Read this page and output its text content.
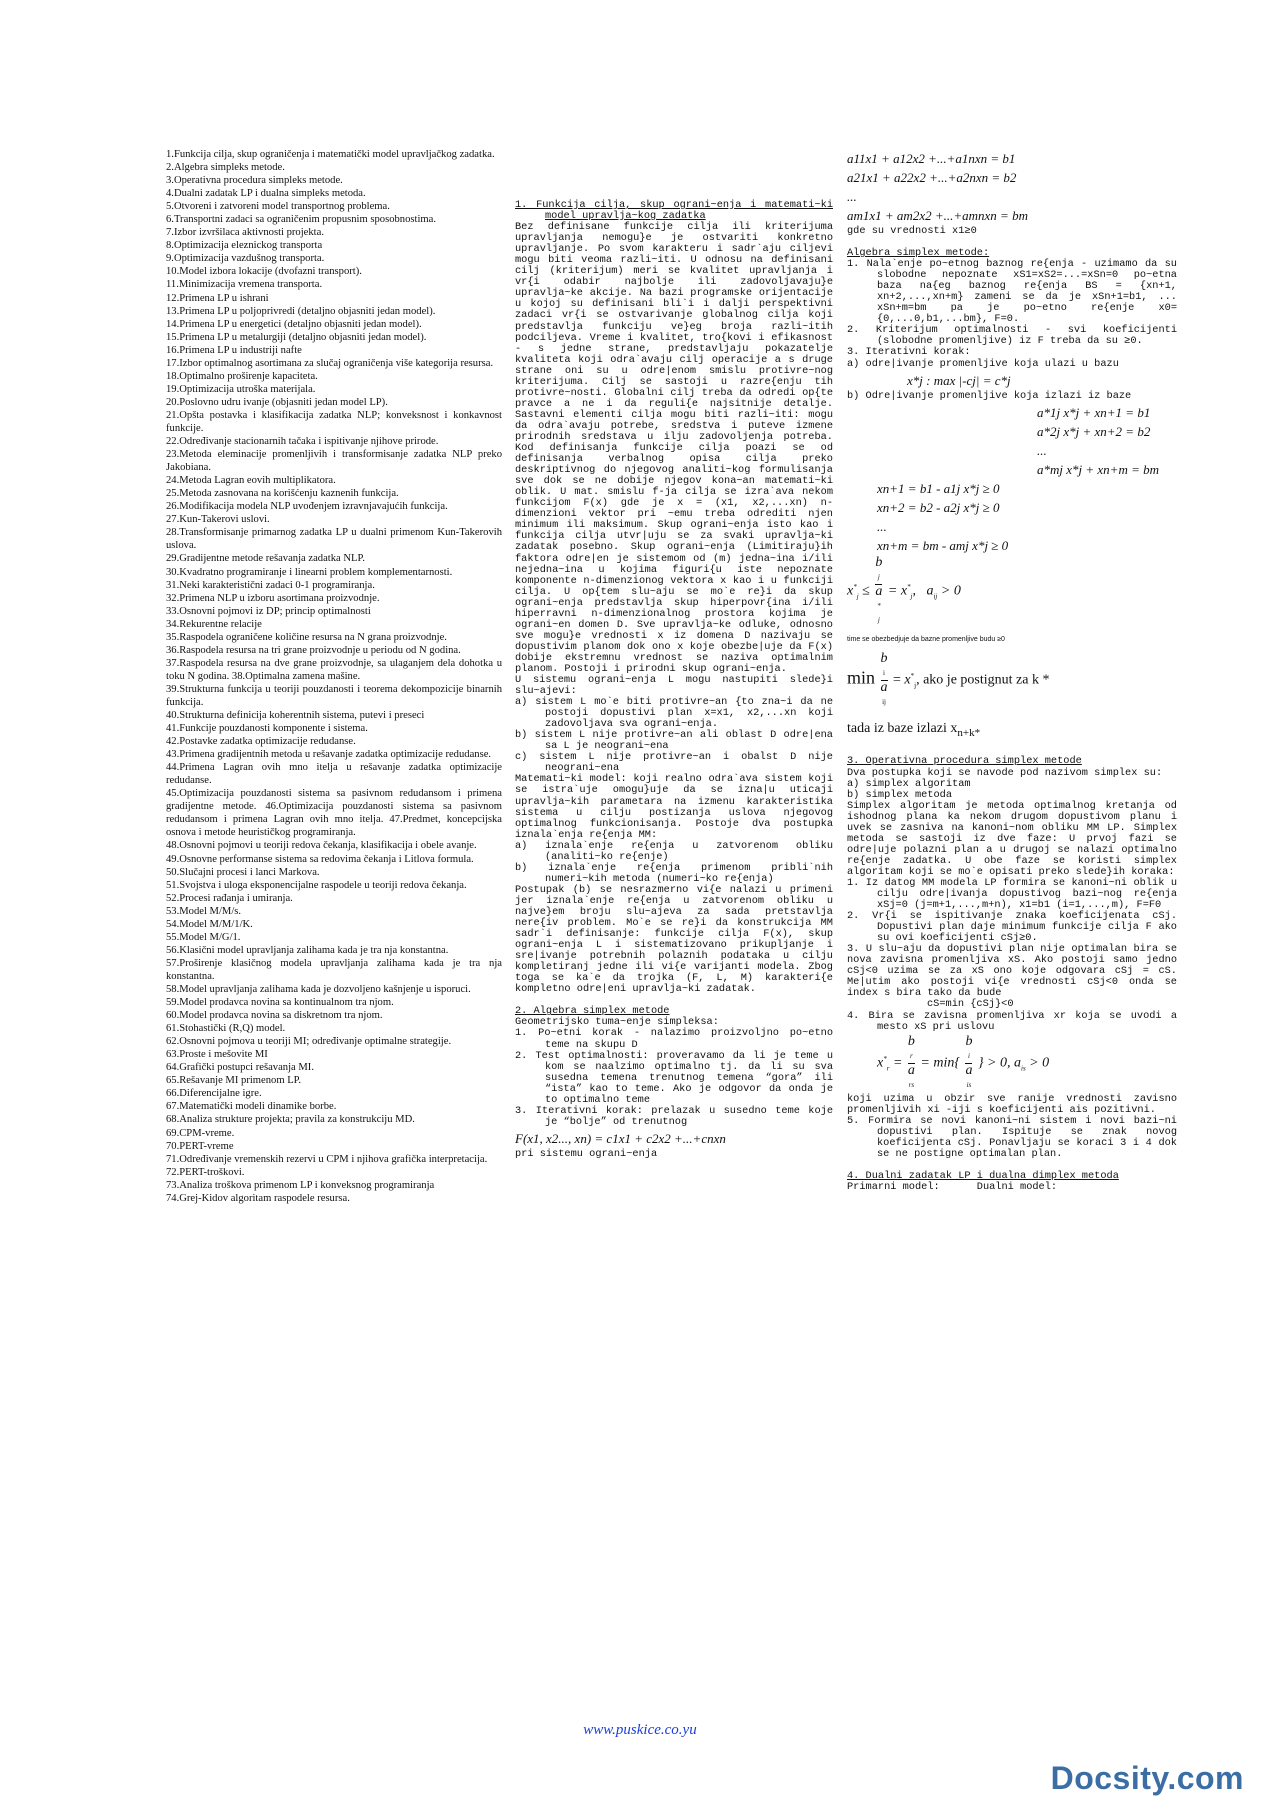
1.Funkcija cilja, skup ograničenja i matematički model upravljačkog zadatka.

2.Algebra simpleks metode.

3.Operativna procedura simpleks metode.

4.Dualni zadatak LP i dualna simpleks metoda.

5.Otvoreni i zatvoreni model transportnog problema.

6.Transportni zadaci sa ograničenim propusnim sposobnostima.

7.Izbor izvršilaca aktivnosti projekta.

8.Optimizacija eleznickog transporta

9.Optimizacija vazdušnog transporta.

10.Model izbora lokacije (dvofazni transport).

11.Minimizacija vremena transporta.

12.Primena LP u ishrani

13.Primena LP u poljoprivredi (detaljno objasniti jedan model).

14.Primena LP u energetici (detaljno objasniti jedan model).

15.Primena LP u metalurgiji (detaljno objasniti jedan model).

16.Primena LP u industriji nafte

17.Izbor optimalnog asortimana za slučaj ograničenja više kategorija resursa.

18.Optimalno proširenje kapaciteta.

19.Optimizacija utroška materijala.

20.Poslovno udru ivanje (objasniti jedan model LP).

21.Opšta postavka i klasifikacija zadatka NLP; konveksnost i konkavnost funkcije.

22.Određivanje stacionarnih tačaka i ispitivanje njihove prirode.

23.Metoda eleminacije promenljivih i transformisanje zadatka NLP preko Jakobiana.

24.Metoda Lagran eovih multiplikatora.

25.Metoda zasnovana na korišćenju kaznenih funkcija.

26.Modifikacija modela NLP uvođenjem izravnjavajućih funkcija.

27.Kun-Takerovi uslovi.

28.Transformisanje primarnog zadatka LP u dualni primenom Kun-Takerovih uslova.

29.Gradijentne metode rešavanja zadatka NLP.

30.Kvadratno programiranje i linearni problem komplementarnosti.

31.Neki karakteristični zadaci 0-1 programiranja.

32.Primena NLP u izboru asortimana proizvodnje.

33.Osnovni pojmovi iz DP; princip optimalnosti

34.Rekurentne relacije

35.Raspodela ograničene količine resursa na N grana proizvodnje.

36.Raspodela resursa na tri grane proizvodnje u periodu od N godina.

37.Raspodela resursa na dve grane proizvodnje, sa ulaganjem dela dohotka u toku N godina. 38.Optimalna zamena mašine.

39.Strukturna funkcija u teoriji pouzdanosti i teorema dekompozicije binarnih funkcija.

40.Strukturna definicija koherentnih sistema, putevi i preseci

41.Funkcije pouzdanosti komponente i sistema.

42.Postavke zadatka optimizacije redudanse.

43.Primena gradijentnih metoda u rešavanje zadatka optimizacije redudanse.

44.Primena Lagran ovih mno itelja u rešavanje zadatka optimizacije redudanse.

45.Optimizacija pouzdanosti sistema sa pasivnom redudansom i primena gradijentne metode. 46.Optimizacija pouzdanosti sistema sa pasivnom redudansom i primena Lagran ovih mno itelja. 47.Predmet, koncepcijska osnova i metode heurističkog programiranja.

48.Osnovni pojmovi u teoriji redova čekanja, klasifikacija i obele avanje.

49.Osnovne performanse sistema sa redovima čekanja i Litlova formula.

50.Slučajni procesi i lanci Markova.

51.Svojstva i uloga eksponencijalne raspodele u teoriji redova čekanja.

52.Procesi rađanja i umiranja.

53.Model M/M/s.

54.Model M/M/1/K.

55.Model M/G/1.

56.Klasični model upravljanja zalihama kada je tra nja konstantna.

57.Proširenje klasičnog modela upravljanja zalihama kada je tra nja konstantna.

58.Model upravljanja zalihama kada je dozvoljeno kašnjenje u isporuci.

59.Model prodavca novina sa kontinualnom tra njom.

60.Model prodavca novina sa diskretnom tra njom.

61.Stohastički (R,Q) model.

62.Osnovni pojmova u teoriji MI; određivanje optimalne strategije.

63.Proste i mešovite MI

64.Grafički postupci rešavanja MI.

65.Rešavanje MI primenom LP.

66.Diferencijalne igre.

67.Matematički modeli dinamike borbe.

68.Analiza strukture projekta; pravila za konstrukciju MD.

69.CPM-vreme.

70.PERT-vreme

71.Određivanje vremenskih rezervi u CPM i njihova grafička interpretacija.

72.PERT-troškovi.

73.Analiza troškova primenom LP i konveksnog programiranja

74.Grej-Kidov algoritam raspodele resursa.

1. Funkcija cilja, skup ograni~enja i matemati~ki model upravlja~kog zadatka

Bez definisane funkcije cilja ili kriterijuma upravljanja nemogu}e je ostvariti konkretno upravljanje. Po svom karakteru i sadr`aju ciljevi mogu biti veoma razli~iti. U odnosu na definisani cilj (kriterijum) meri se kvalitet upravljanja i vr{i odabir najbolje ili zadovoljavaju}e upravlja~ke akcije. Na bazi programske orijentacije u kojoj su definisani bli`i i dalji perspektivni zadaci vr{i se ostvarivanje globalnog cilja koji predstavlja funkciju ve}eg broja razli~itih podciljeva. Vreme i kvalitet, tro{kovi i efikasnost - s jedne strane, predstavljaju pokazatelje kvaliteta koji odra`avaju cilj operacije a s druge strane oni su u odre|enom smislu protivre~nog kriterijuma. Cilj se sastoji u razre{enju tih protivre~nosti. Globalni cilj treba da odredi op{te pravce a ne i da reguli{e najsitnije detalje. Sastavni elementi cilja mogu biti razli~iti: mogu da odra`avaju potrebe, sredstva i puteve izmene prirodnih sredstava u ilju zadovoljenja potreba. Kod definisanja funkcije cilja poazi se od definisanja verbalnog opisa cilja preko deskriptivnog do njegovog analiti~kog formulisanja sve dok se ne dobije njegov kona~an matemati~ki oblik. U mat. smislu f-ja cilja se izra`ava nekom funkcijom F(x) gde je x = (x1, x2,...xn) n- dimenzioni vektor pri ~emu treba odrediti njen minimum ili maksimum. Skup ograni~enja isto kao i funkcija cilja utvr|uju se za svaki upravlja~ki zadatak posebno. Skup ograni~enja (Limitiraju}ih faktora odre|en je sistemom od (m) jedna~ina i/ili nejedna~ina u kojima figuri{u iste nepoznate komponente n-dimenzionog vektora x kao i u funkciji cilja. U op{tem slu~aju se mo`e re}i da skup ograni~enja predstavlja skup hiperpovr{ina i/ili hiperravni n-dimenzionalnog prostora kojima je ograni~en domen D. Sve upravlja~ke odluke, odnosno sve mogu}e vrednosti x iz domena D nazivaju se dopustivim planom dok ono x koje obezbe|uje da F(x) dobije ekstremnu vrednost se naziva optimalnim planom. Postoji i prirodni skup ograni~enja.

U sistemu ograni~enja L mogu nastupiti slede}i slu~ajevi:

a) sistem L mo`e biti protivre~an {to zna~i da ne postoji dopustivi plan x=x1, x2,...xn koji zadovoljava sva ograni~enja.

b) sistem L nije protivre~an ali oblast D odre|ena sa L je neograni~ena

c) sistem L nije protivre~an i obalst D nije neograni~ena

Matemati~ki model: koji realno odra`ava sistem koji se istra`uje omogu}uje da se izna|u uticaji upravlja~kih parametara na izmenu karakteristika sistema u cilju postizanja uslova njegovog optimalnog funkcionisanja. Postoje dva postupka iznala`enja re{enja MM:

a) iznala`enje re{enja u zatvorenom obliku (analiti~ko re{enje)

b) iznala`enje re{enja primenom pribli`nih numeri~kih metoda (numeri~ko re{enja)

Postupak (b) se nesrazmerno vi{e nalazi u primeni jer iznala`enje re{enja u zatvorenom obliku u najve}em broju slu~ajeva za sada pretstavlja nere{iv problem. Mo`e se re}i da konstrukcija MM sadr`i definisanje: funkcije cilja F(x), skup ograni~enja L i sistematizovano prikupljanje i sre|ivanje potrebnih polaznih podataka u cilju kompletiranj jedne ili vi{e varijanti modela. Zbog toga se ka`e da trojka (F, L, M) karakteri{e kompletno odre|eni upravlja~ki zadatak.

2. Algebra simplex metode

Geometrijsko tuma~enje simpleksa:

1. Po~etni korak - nalazimo proizvoljno po~etno teme na skupu D

2. Test optimalnosti: proveravamo da li je teme u kom se naalzimo optimalno tj. da li su sva susedna temena trenutnog temena “gora” ili “ista” kao to teme. Ako je odgovor da onda je to optimalno teme

3. Iterativni korak: prelazak u susedno teme koje je “bolje” od trenutnog

F(x1, x2..., xn) = c1x1 + c2x2 +...+cnxn

pri sistemu ograni~enja

a11x1 + a12x2 +...+a1nxn = b1

a21x1 + a22x2 +...+a2nxn = b2

...

am1x1 + am2x2 +...+amnxn = bm

gde su vrednosti x1≥0

Algebra simplex metode:

1. Nala`enje po~etnog baznog re{enja - uzimamo da su slobodne nepoznate xS1=xS2=...=xSn=0 po~etna baza na{eg baznog re{enja BS = {xn+1, xn+2,...,xn+m} zameni se da je xSn+1=b1, ... xSn+m=bm pa je po~etno re{enje x0={0,...0,b1,...bm}, F=0.

2. Kriterijum optimalnosti - svi koeficijenti (slobodne promenljive) iz F treba da su ≥0.

3. Iterativni korak:

a) odre|ivanje promenljive koja ulazi u bazu

x*j : max |-cj| = c*j

b) Odre|ivanje promenljive koja izlazi iz baze

a*1j x*j + xn+1 = b1

a*2j x*j + xn+2 = b2

...

a*mj x*j + xn+m = bm

xn+1 = b1 - a1j x*j ≥ 0

xn+2 = b2 - a2j x*j ≥ 0

...

xn+m = bm - amj x*j ≥ 0

$x^*_j \le b$
j
a
*
$j = x^*_j$,   $a_{ij} > 0$

time se obezbedjuje da bazne promenljive budu ≥0

min b
i
a
ij = $x^*_j$, ako je postignut za k *

tada iz baze izlazi $x_{n+k*}$

3. Operativna procedura simplex metode

Dva postupka koji se navode pod nazivom simplex su:

a) simplex algoritam

b) simplex metoda

Simplex algoritam je metoda optimalnog kretanja od ishodnog plana ka nekom drugom dopustivom planu i uvek se zasniva na kanoni~nom obliku MM LP. Simplex metoda se sastoji iz dve faze: U prvoj fazi se odre|uje polazni plan a u drugoj se nalazi optimalno re{enje zadatka. U obe faze se koristi simplex algoritam koji se mo`e opisati preko slede}ih koraka:

1. Iz datog MM modela LP formira se kanoni~ni oblik u cilju odre|ivanja dopustivog bazi~nog re{enja xSj=0 (j=m+1,...,m+n), x1=b1 (i=1,...,m), F=F0

2. Vr{i se ispitivanje znaka koeficijenata cSj. Dopustivi plan daje minimum funkcije cilja F ako su ovi koeficijenti cSj≥0.

3. U slu~aju da dopustivi plan nije optimalan bira se nova zavisna promenljiva xS. Ako postoji samo jedno cSj<0 uzima se za xS ono koje odgovara cSj = cS. Me|utim ako postoji vi{e vrednosti cSj<0 onda se index s bira tako da bude

cS=min {cSj}<0

4. Bira se zavisna promenljiva xr koja se uvodi a mesto xS pri uslovu

$x^*_r = b$
r
a
rs = min{ b
i
a
is } > 0, $a_{is} > 0$

koji uzima u obzir sve ranije vrednosti zavisno promenljivih xi -iji s koeficijenti ais pozitivni.

5. Formira se novi kanoni~ni sistem i novi bazi~ni dopustivi plan. Ispituje se znak novog koeficijenta cSj. Ponavljaju se koraci 3 i 4 dok se ne postigne optimalan plan.

4. Dualni zadatak LP i dualna dimplex metoda

Primarni model:      Dualni model:

www.puskice.co.yu
Docsity.com
